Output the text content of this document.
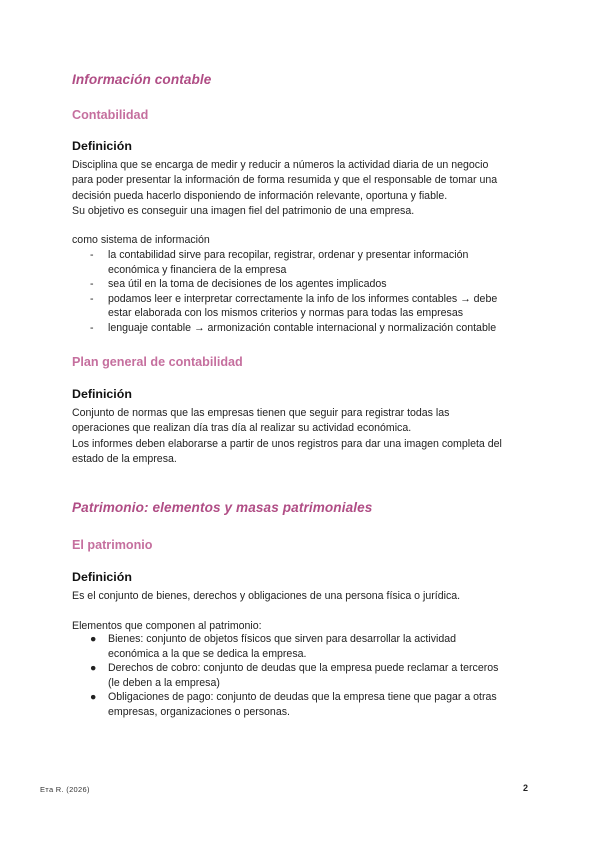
Información contable
Contabilidad
Definición
Disciplina que se encarga de medir y reducir a números la actividad diaria de un negocio
para poder presentar la información de forma resumida y que el responsable de tomar una
decisión pueda hacerlo disponiendo de información relevante, oportuna y fiable.
Su objetivo es conseguir una imagen fiel del patrimonio de una empresa.
como sistema de información
-	la contabilidad sirve para recopilar, registrar, ordenar y presentar información
económica y financiera de la empresa
-	sea útil en la toma de decisiones de los agentes implicados
-	podamos leer e interpretar correctamente la info de los informes contables → debe
estar elaborada con los mismos criterios y normas para todas las empresas
-	lenguaje contable → armonización contable internacional y normalización contable
Plan general de contabilidad
Definición
Conjunto de normas que las empresas tienen que seguir para registrar todas las
operaciones que realizan día tras día al realizar su actividad económica.
Los informes deben elaborarse a partir de unos registros para dar una imagen completa del
estado de la empresa.
Patrimonio: elementos y masas patrimoniales
El patrimonio
Definición
Es el conjunto de bienes, derechos y obligaciones de una persona física o jurídica.
Elementos que componen al patrimonio:
●	Bienes: conjunto de objetos físicos que sirven para desarrollar la actividad
económica a la que se dedica la empresa.
●	Derechos de cobro: conjunto de deudas que la empresa puede reclamar a terceros
(le deben a la empresa)
●	Obligaciones de pago: conjunto de deudas que la empresa tiene que pagar a otras
empresas, organizaciones o personas.
Ета R. (2026)	2
